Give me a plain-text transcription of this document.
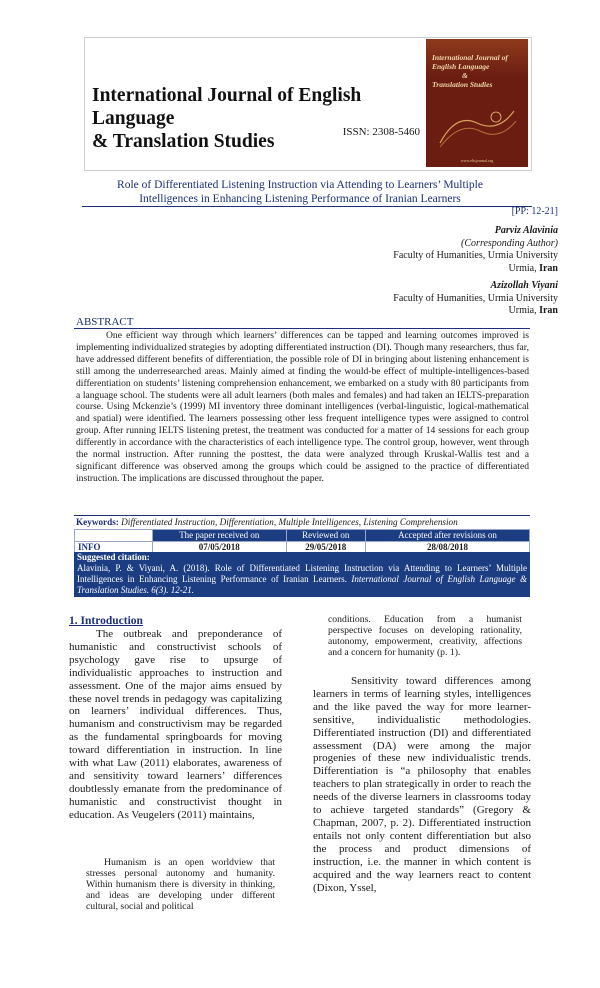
International Journal of English Language
& Translation Studies	ISSN: 2308-5460
International Journal of
English Language
&
Translation Studies
www.eltsjournal.org
Role of Differentiated Listening Instruction via Attending to Learners’ Multiple
Intelligences in Enhancing Listening Performance of Iranian Learners
[PP: 12-21]
Parviz Alavinia
(Corresponding Author)
Faculty of Humanities, Urmia University
Urmia, Iran
Azizollah Viyani
Faculty of Humanities, Urmia University
Urmia, Iran
ABSTRACT
One efficient way through which learners’ differences can be tapped and learning outcomes improved is implementing individualized strategies by adopting differentiated instruction (DI). Though many researchers, thus far, have addressed different benefits of differentiation, the possible role of DI in bringing about listening enhancement is still among the underresearched areas. Mainly aimed at finding the would-be effect of multiple-intelligences-based differentiation on students’ listening comprehension enhancement, we embarked on a study with 80 participants from a language school. The students were all adult learners (both males and females) and had taken an IELTS-preparation course. Using Mckenzie’s (1999) MI inventory three dominant intelligences (verbal-linguistic, logical-mathematical and spatial) were identified. The learners possessing other less frequent intelligence types were assigned to control group. After running IELTS listening pretest, the treatment was conducted for a matter of 14 sessions for each group differently in accordance with the characteristics of each intelligence type. The control group, however, went through the normal instruction. After running the posttest, the data were analyzed through Kruskal-Wallis test and a significant difference was observed among the groups which could be assigned to the practice of differentiated instruction. The implications are discussed throughout the paper.
Keywords: Differentiated Instruction, Differentiation, Multiple Intelligences, Listening Comprehension
ARTICLE	The paper received on	Reviewed on	Accepted after revisions on
INFO	07/05/2018	29/05/2018	28/08/2018
Suggested citation:
Alavinia, P. & Viyani, A. (2018). Role of Differentiated Listening Instruction via Attending to Learners’ Multiple Intelligences in Enhancing Listening Performance of Iranian Learners. International Journal of English Language & Translation Studies. 6(3). 12-21.
1. Introduction
The outbreak and preponderance of humanistic and constructivist schools of psychology gave rise to upsurge of individualistic approaches to instruction and assessment. One of the major aims ensued by these novel trends in pedagogy was capitalizing on learners’ individual differences. Thus, humanism and constructivism may be regarded as the fundamental springboards for moving toward differentiation in instruction. In line with what Law (2011) elaborates, awareness of and sensitivity toward learners’ differences doubtlessly emanate from the predominance of humanistic and constructivist thought in education. As Veugelers (2011) maintains,
Humanism is an open worldview that stresses personal autonomy and humanity. Within humanism there is diversity in thinking, and ideas are developing under different cultural, social and political
conditions. Education from a humanist perspective focuses on developing rationality, autonomy, empowerment, creativity, affections and a concern for humanity (p. 1).
Sensitivity toward differences among learners in terms of learning styles, intelligences and the like paved the way for more learner-sensitive, individualistic methodologies. Differentiated instruction (DI) and differentiated assessment (DA) were among the major progenies of these new individualistic trends. Differentiation is “a philosophy that enables teachers to plan strategically in order to reach the needs of the diverse learners in classrooms today to achieve targeted standards” (Gregory & Chapman, 2007, p. 2). Differentiated instruction entails not only content differentiation but also the process and product dimensions of instruction, i.e. the manner in which content is acquired and the way learners react to content (Dixon, Yssel,
